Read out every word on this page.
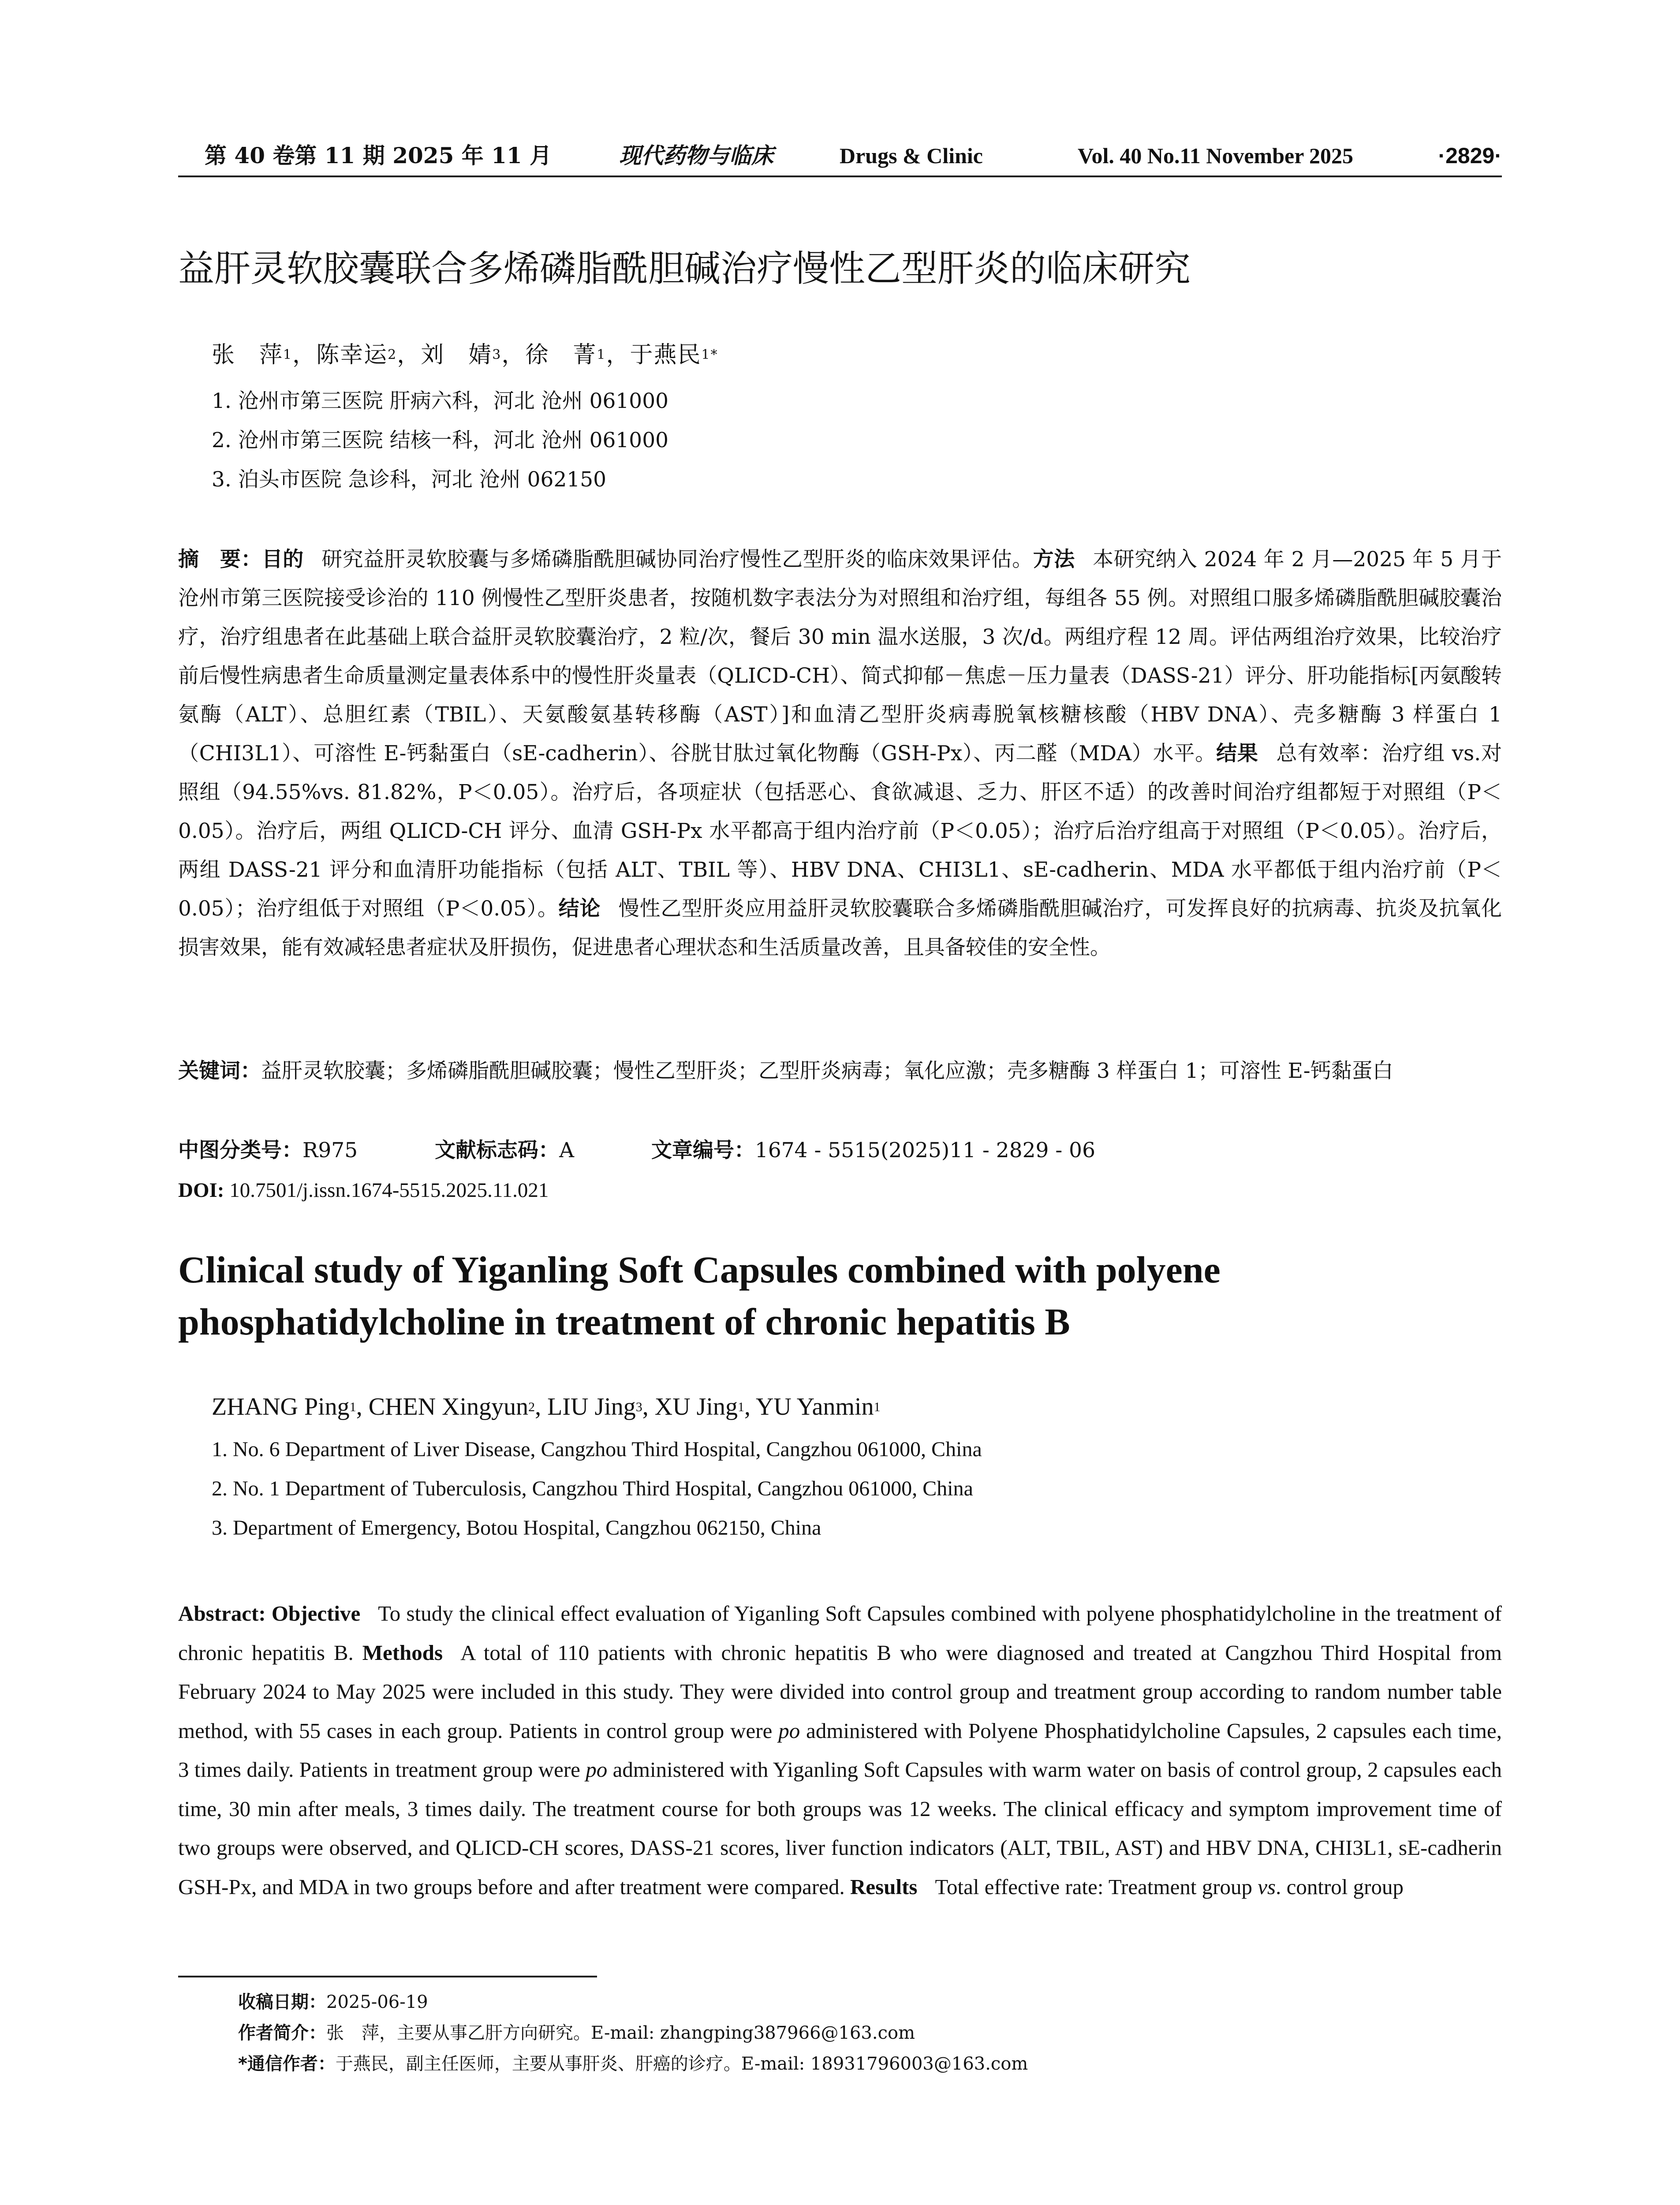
第 40 卷第 11 期 2025 年 11 月	现代药物与临床	Drugs & Clinic	Vol. 40 No.11 November 2025	·2829·
益肝灵软胶囊联合多烯磷脂酰胆碱治疗慢性乙型肝炎的临床研究
张　萍$^1$，陈幸运$^2$，刘　婧$^3$，徐　菁$^1$，于燕民$^{1*}$
1. 沧州市第三医院 肝病六科，河北 沧州 061000
2. 沧州市第三医院 结核一科，河北 沧州 061000
3. 泊头市医院 急诊科，河北 沧州 062150
摘　要：目的 研究益肝灵软胶囊与多烯磷脂酰胆碱协同治疗慢性乙型肝炎的临床效果评估。方法 本研究纳入 2024 年 2 月—2025 年 5 月于沧州市第三医院接受诊治的 110 例慢性乙型肝炎患者，按随机数字表法分为对照组和治疗组，每组各 55 例。对照组口服多烯磷脂酰胆碱胶囊治疗，治疗组患者在此基础上联合益肝灵软胶囊治疗，2 粒/次，餐后 30 min 温水送服，3 次/d。两组疗程 12 周。评估两组治疗效果，比较治疗前后慢性病患者生命质量测定量表体系中的慢性肝炎量表（QLICD-CH）、简式抑郁－焦虑－压力量表（DASS-21）评分、肝功能指标[丙氨酸转氨酶（ALT）、总胆红素（TBIL）、天氨酸氨基转移酶（AST）]和血清乙型肝炎病毒脱氧核糖核酸（HBV DNA）、壳多糖酶 3 样蛋白 1（CHI3L1）、可溶性 E-钙黏蛋白（sE-cadherin）、谷胱甘肽过氧化物酶（GSH-Px）、丙二醛（MDA）水平。结果 总有效率：治疗组 vs.对照组（94.55%vs. 81.82%，P＜0.05）。治疗后，各项症状（包括恶心、食欲减退、乏力、肝区不适）的改善时间治疗组都短于对照组（P＜0.05）。治疗后，两组 QLICD-CH 评分、血清 GSH-Px 水平都高于组内治疗前（P＜0.05）；治疗后治疗组高于对照组（P＜0.05）。治疗后，两组 DASS-21 评分和血清肝功能指标（包括 ALT、TBIL 等）、HBV DNA、CHI3L1、sE-cadherin、MDA 水平都低于组内治疗前（P＜0.05）；治疗组低于对照组（P＜0.05）。结论 慢性乙型肝炎应用益肝灵软胶囊联合多烯磷脂酰胆碱治疗，可发挥良好的抗病毒、抗炎及抗氧化损害效果，能有效减轻患者症状及肝损伤，促进患者心理状态和生活质量改善，且具备较佳的安全性。
关键词：益肝灵软胶囊；多烯磷脂酰胆碱胶囊；慢性乙型肝炎；乙型肝炎病毒；氧化应激；壳多糖酶 3 样蛋白 1；可溶性 E-钙黏蛋白
中图分类号：R975	文献标志码：A	文章编号：1674 - 5515(2025)11 - 2829 - 06
DOI: 10.7501/j.issn.1674-5515.2025.11.021
Clinical study of Yiganling Soft Capsules combined with polyene phosphatidylcholine in treatment of chronic hepatitis B
ZHANG Ping$^1$, CHEN Xingyun$^2$, LIU Jing$^3$, XU Jing$^1$, YU Yanmin$^1$
1. No. 6 Department of Liver Disease, Cangzhou Third Hospital, Cangzhou 061000, China
2. No. 1 Department of Tuberculosis, Cangzhou Third Hospital, Cangzhou 061000, China
3. Department of Emergency, Botou Hospital, Cangzhou 062150, China
Abstract: Objective To study the clinical effect evaluation of Yiganling Soft Capsules combined with polyene phosphatidylcholine in the treatment of chronic hepatitis B. Methods A total of 110 patients with chronic hepatitis B who were diagnosed and treated at Cangzhou Third Hospital from February 2024 to May 2025 were included in this study. They were divided into control group and treatment group according to random number table method, with 55 cases in each group. Patients in control group were po administered with Polyene Phosphatidylcholine Capsules, 2 capsules each time, 3 times daily. Patients in treatment group were po administered with Yiganling Soft Capsules with warm water on basis of control group, 2 capsules each time, 30 min after meals, 3 times daily. The treatment course for both groups was 12 weeks. The clinical efficacy and symptom improvement time of two groups were observed, and QLICD-CH scores, DASS-21 scores, liver function indicators (ALT, TBIL, AST) and HBV DNA, CHI3L1, sE-cadherin GSH-Px, and MDA in two groups before and after treatment were compared. Results Total effective rate: Treatment group vs. control group
收稿日期：2025-06-19
作者简介：张　萍，主要从事乙肝方向研究。E-mail: zhangping387966@163.com
*通信作者：于燕民，副主任医师，主要从事肝炎、肝癌的诊疗。E-mail: 18931796003@163.com
